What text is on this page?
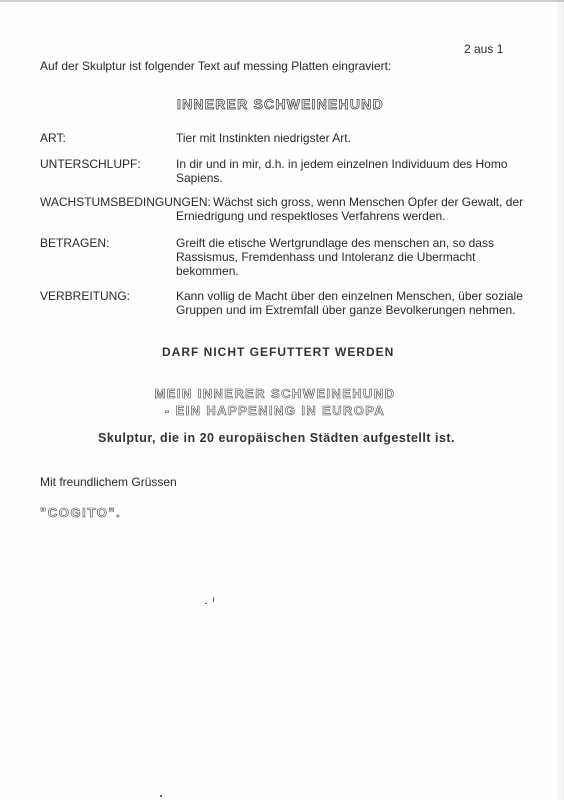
2 aus 1
Auf der Skulptur ist folgender Text auf messing Platten eingraviert:
INNERER SCHWEINEHUND
ART:	Tier mit Instinkten niedrigster Art.
UNTERSCHLUPF:	In dir und in mir, d.h. in jedem einzelnen Individuum des Homo Sapiens.
WACHSTUMSBEDINGUNGEN: Wächst sich gross, wenn Menschen Opfer der Gewalt, der Erniedrigung und respektloses Verfahrens werden.
BETRAGEN:	Greift die etische Wertgrundlage des menschen an, so dass Rassismus, Fremdenhass und Intoleranz die Ubermacht bekommen.
VERBREITUNG:	Kann vollig de Macht über den einzelnen Menschen, über soziale Gruppen und im Extremfall über ganze Bevolkerungen nehmen.
DARF NICHT GEFUTTERT WERDEN
MEIN INNERER SCHWEINEHUND
- EIN HAPPENING IN EUROPA
Skulptur, die in 20 europäischen Städten aufgestellt ist.
Mit freundlichem Grüssen
"COGITO".
